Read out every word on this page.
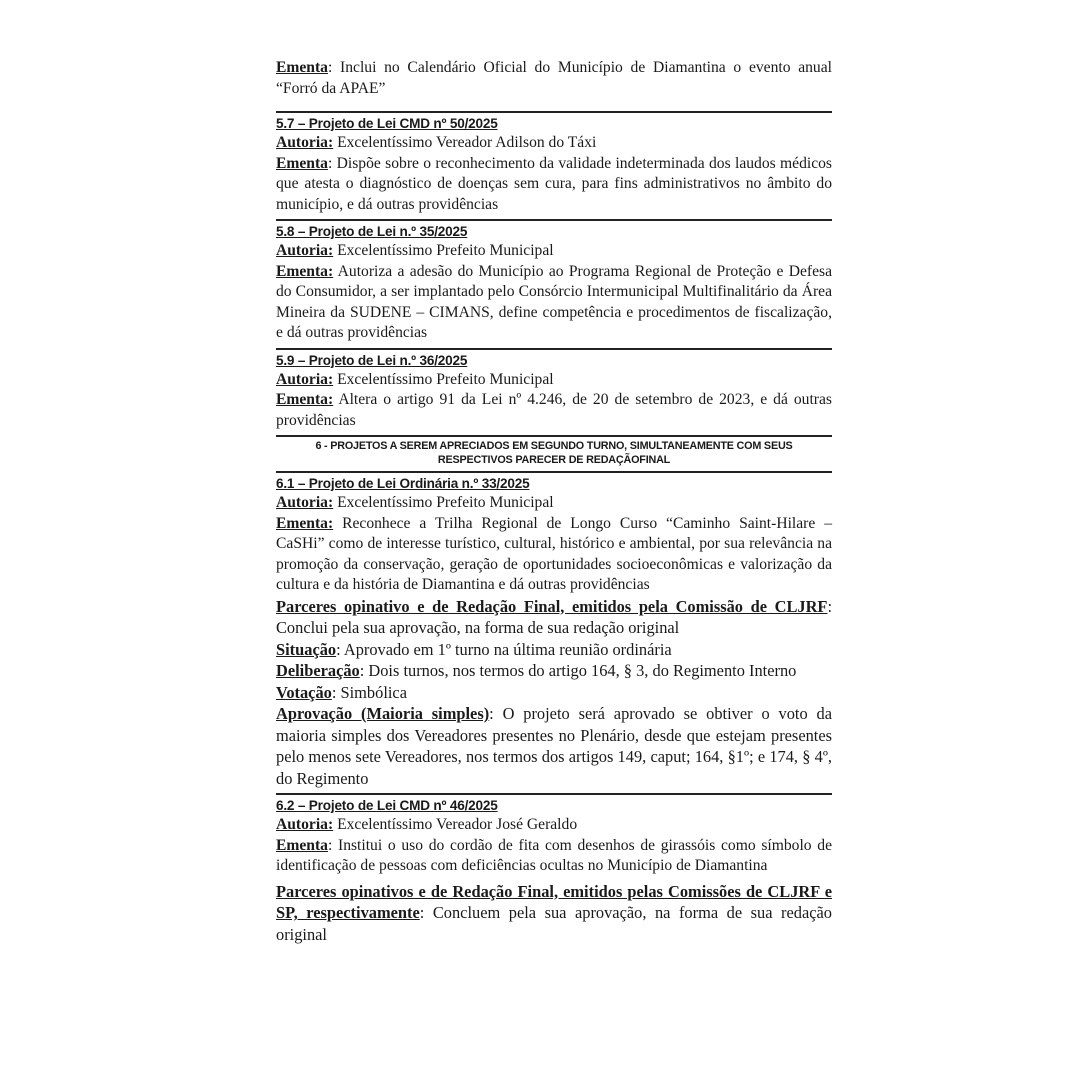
Ementa: Inclui no Calendário Oficial do Município de Diamantina o evento anual “Forró da APAE”

5.7 – Projeto de Lei CMD nº 50/2025

Autoria: Excelentíssimo Vereador Adilson do Táxi

Ementa: Dispõe sobre o reconhecimento da validade indeterminada dos laudos médicos que atesta o diagnóstico de doenças sem cura, para fins administrativos no âmbito do município, e dá outras providências

5.8 – Projeto de Lei n.º 35/2025

Autoria: Excelentíssimo Prefeito Municipal

Ementa: Autoriza a adesão do Município ao Programa Regional de Proteção e Defesa do Consumidor, a ser implantado pelo Consórcio Intermunicipal Multifinalitário da Área Mineira da SUDENE – CIMANS, define competência e procedimentos de fiscalização, e dá outras providências

5.9 – Projeto de Lei n.º 36/2025

Autoria: Excelentíssimo Prefeito Municipal

Ementa: Altera o artigo 91 da Lei nº 4.246, de 20 de setembro de 2023, e dá outras providências

6 - PROJETOS A SEREM APRECIADOS EM SEGUNDO TURNO, SIMULTANEAMENTE COM SEUS
RESPECTIVOS PARECER DE REDAÇÃOFINAL
6.1 – Projeto de Lei Ordinária n.º 33/2025

Autoria: Excelentíssimo Prefeito Municipal

Ementa: Reconhece a Trilha Regional de Longo Curso “Caminho Saint-Hilare – CaSHi” como de interesse turístico, cultural, histórico e ambiental, por sua relevância na promoção da conservação, geração de oportunidades socioeconômicas e valorização da cultura e da história de Diamantina e dá outras providências

Parceres opinativo e de Redação Final, emitidos pela Comissão de CLJRF: Conclui pela sua aprovação, na forma de sua redação original

Situação: Aprovado em 1º turno na última reunião ordinária

Deliberação: Dois turnos, nos termos do artigo 164, § 3, do Regimento Interno

Votação: Simbólica

Aprovação (Maioria simples): O projeto será aprovado se obtiver o voto da maioria simples dos Vereadores presentes no Plenário, desde que estejam presentes pelo menos sete Vereadores, nos termos dos artigos 149, caput; 164, §1º; e 174, § 4º, do Regimento

6.2 – Projeto de Lei CMD nº 46/2025

Autoria: Excelentíssimo Vereador José Geraldo

Ementa: Institui o uso do cordão de fita com desenhos de girassóis como símbolo de identificação de pessoas com deficiências ocultas no Município de Diamantina

Parceres opinativos e de Redação Final, emitidos pelas Comissões de CLJRF e SP, respectivamente: Concluem pela sua aprovação, na forma de sua redação original
